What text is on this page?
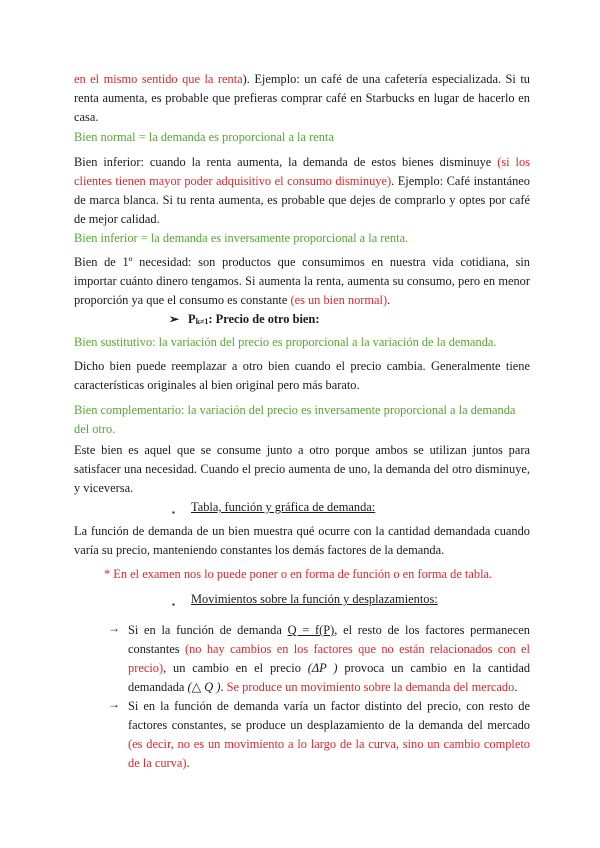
en el mismo sentido que la renta). Ejemplo: un café de una cafetería especializada. Si tu renta aumenta, es probable que prefieras comprar café en Starbucks en lugar de hacerlo en casa.

Bien normal = la demanda es proporcional a la renta

Bien inferior: cuando la renta aumenta, la demanda de estos bienes disminuye (si los clientes tienen mayor poder adquisitivo el consumo disminuye). Ejemplo: Café instantáneo de marca blanca. Si tu renta aumenta, es probable que dejes de comprarlo y optes por café de mejor calidad.

Bien inferior = la demanda es inversamente proporcional a la renta.

Bien de 1º necesidad: son productos que consumimos en nuestra vida cotidiana, sin importar cuánto dinero tengamos. Si aumenta la renta, aumenta su consumo, pero en menor proporción ya que el consumo es constante (es un bien normal).

➢ Pk≠1: Precio de otro bien:

Bien sustitutivo: la variación del precio es proporcional a la variación de la demanda.

Dicho bien puede reemplazar a otro bien cuando el precio cambia. Generalmente tiene características originales al bien original pero más barato.

Bien complementario: la variación del precio es inversamente proporcional a la demanda del otro.

Este bien es aquel que se consume junto a otro porque ambos se utilizan juntos para satisfacer una necesidad. Cuando el precio aumenta de uno, la demanda del otro disminuye, y viceversa.

▪ Tabla, función y gráfica de demanda:

La función de demanda de un bien muestra qué ocurre con la cantidad demandada cuando varía su precio, manteniendo constantes los demás factores de la demanda.

* En el examen nos lo puede poner o en forma de función o en forma de tabla.

▪ Movimientos sobre la función y desplazamientos:
→ Si en la función de demanda Q = f(P), el resto de los factores permanecen constantes (no hay cambios en los factores que no están relacionados con el precio), un cambio en el precio (ΔP ) provoca un cambio en la cantidad demandada (△ Q ). Se produce un movimiento sobre la demanda del mercado.
→ Si en la función de demanda varía un factor distinto del precio, con resto de factores constantes, se produce un desplazamiento de la demanda del mercado (es decir, no es un movimiento a lo largo de la curva, sino un cambio completo de la curva).
